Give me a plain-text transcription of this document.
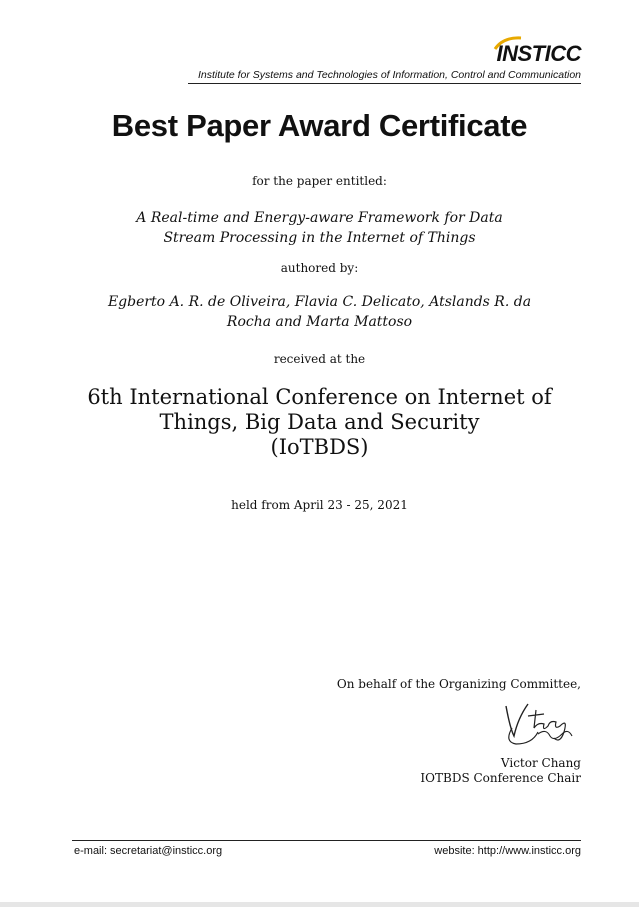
INSTICC
Institute for Systems and Technologies of Information, Control and Communication
Best Paper Award Certificate
for the paper entitled:
A Real-time and Energy-aware Framework for Data
Stream Processing in the Internet of Things
authored by:
Egberto A. R. de Oliveira, Flavia C. Delicato, Atslands R. da
Rocha and Marta Mattoso
received at the
6th International Conference on Internet of
Things, Big Data and Security
(IoTBDS)
held from April 23 - 25, 2021
On behalf of the Organizing Committee,
Victor Chang
IOTBDS Conference Chair
e-mail: secretariat@insticc.org	website: http://www.insticc.org
